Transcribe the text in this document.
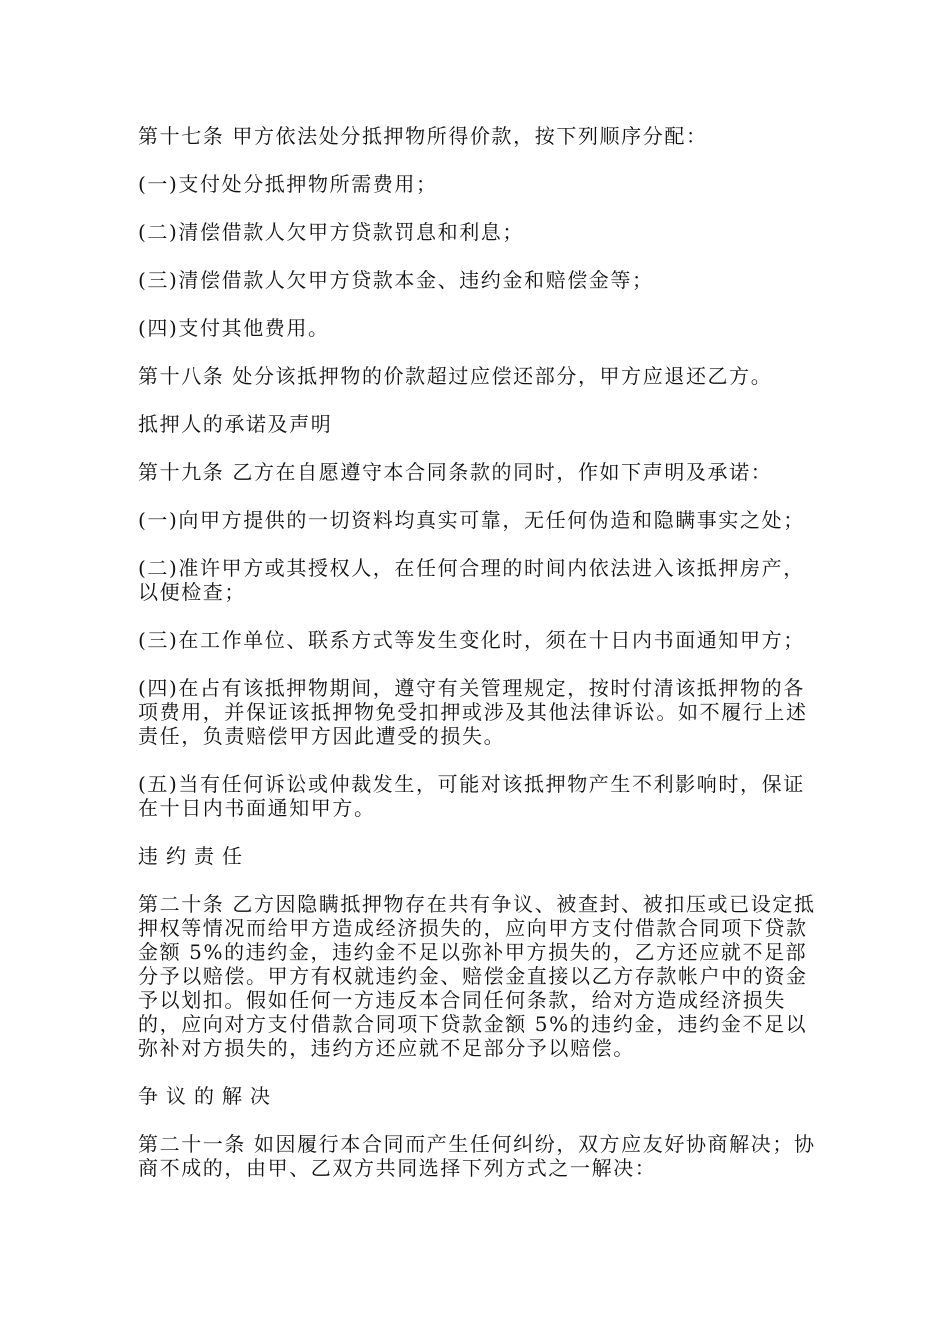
第十七条 甲方依法处分抵押物所得价款，按下列顺序分配：

(一)支付处分抵押物所需费用；

(二)清偿借款人欠甲方贷款罚息和利息；

(三)清偿借款人欠甲方贷款本金、违约金和赔偿金等；

(四)支付其他费用。

第十八条 处分该抵押物的价款超过应偿还部分，甲方应退还乙方。

抵押人的承诺及声明

第十九条 乙方在自愿遵守本合同条款的同时，作如下声明及承诺：

(一)向甲方提供的一切资料均真实可靠，无任何伪造和隐瞒事实之处；

(二)准许甲方或其授权人，在任何合理的时间内依法进入该抵押房产，以便检查；

(三)在工作单位、联系方式等发生变化时，须在十日内书面通知甲方；

(四)在占有该抵押物期间，遵守有关管理规定，按时付清该抵押物的各项费用，并保证该抵押物免受扣押或涉及其他法律诉讼。如不履行上述责任，负责赔偿甲方因此遭受的损失。

(五)当有任何诉讼或仲裁发生，可能对该抵押物产生不利影响时，保证在十日内书面通知甲方。

违约责任

第二十条 乙方因隐瞒抵押物存在共有争议、被查封、被扣压或已设定抵押权等情况而给甲方造成经济损失的，应向甲方支付借款合同项下贷款金额 5%的违约金，违约金不足以弥补甲方损失的，乙方还应就不足部分予以赔偿。甲方有权就违约金、赔偿金直接以乙方存款帐户中的资金予以划扣。假如任何一方违反本合同任何条款，给对方造成经济损失的，应向对方支付借款合同项下贷款金额 5%的违约金，违约金不足以弥补对方损失的，违约方还应就不足部分予以赔偿。

争议的解决

第二十一条 如因履行本合同而产生任何纠纷，双方应友好协商解决；协商不成的，由甲、乙双方共同选择下列方式之一解决：
